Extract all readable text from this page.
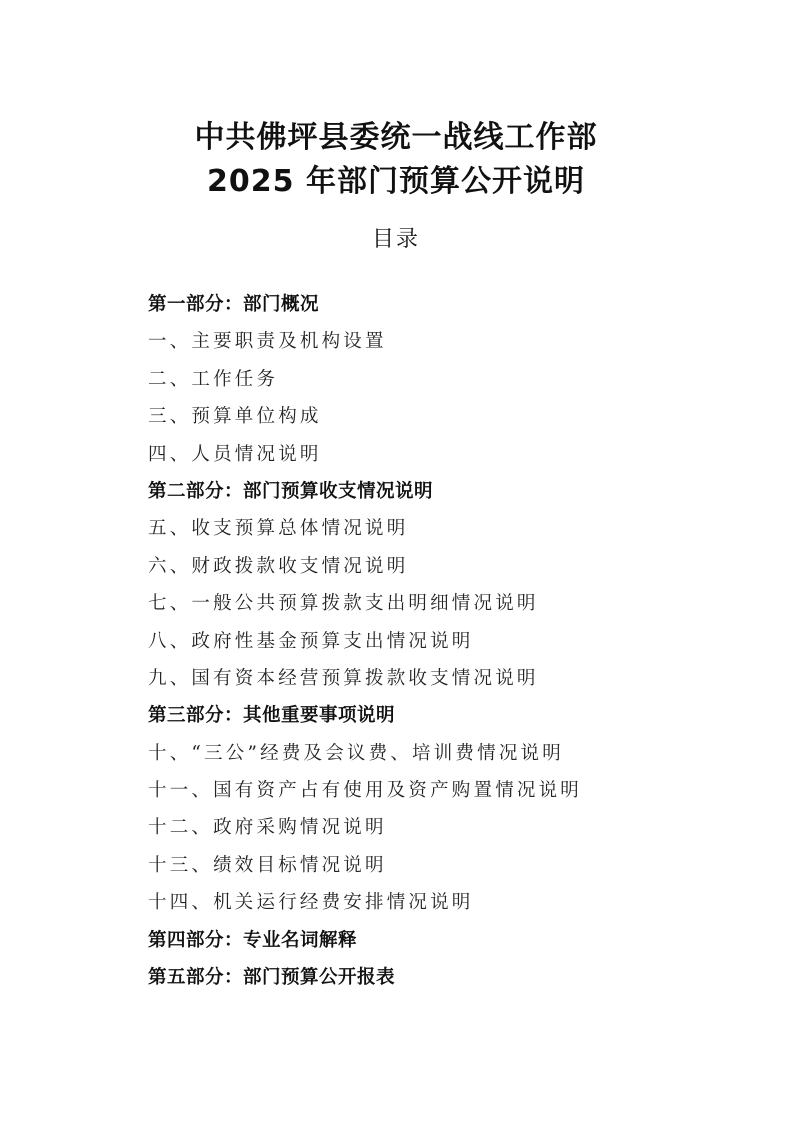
中共佛坪县委统一战线工作部
2025 年部门预算公开说明
目录
第一部分：部门概况
一、主要职责及机构设置
二、工作任务
三、预算单位构成
四、人员情况说明
第二部分：部门预算收支情况说明
五、收支预算总体情况说明
六、财政拨款收支情况说明
七、一般公共预算拨款支出明细情况说明
八、政府性基金预算支出情况说明
九、国有资本经营预算拨款收支情况说明
第三部分：其他重要事项说明
十、“三公”经费及会议费、培训费情况说明
十一、国有资产占有使用及资产购置情况说明
十二、政府采购情况说明
十三、绩效目标情况说明
十四、机关运行经费安排情况说明
第四部分：专业名词解释
第五部分：部门预算公开报表
